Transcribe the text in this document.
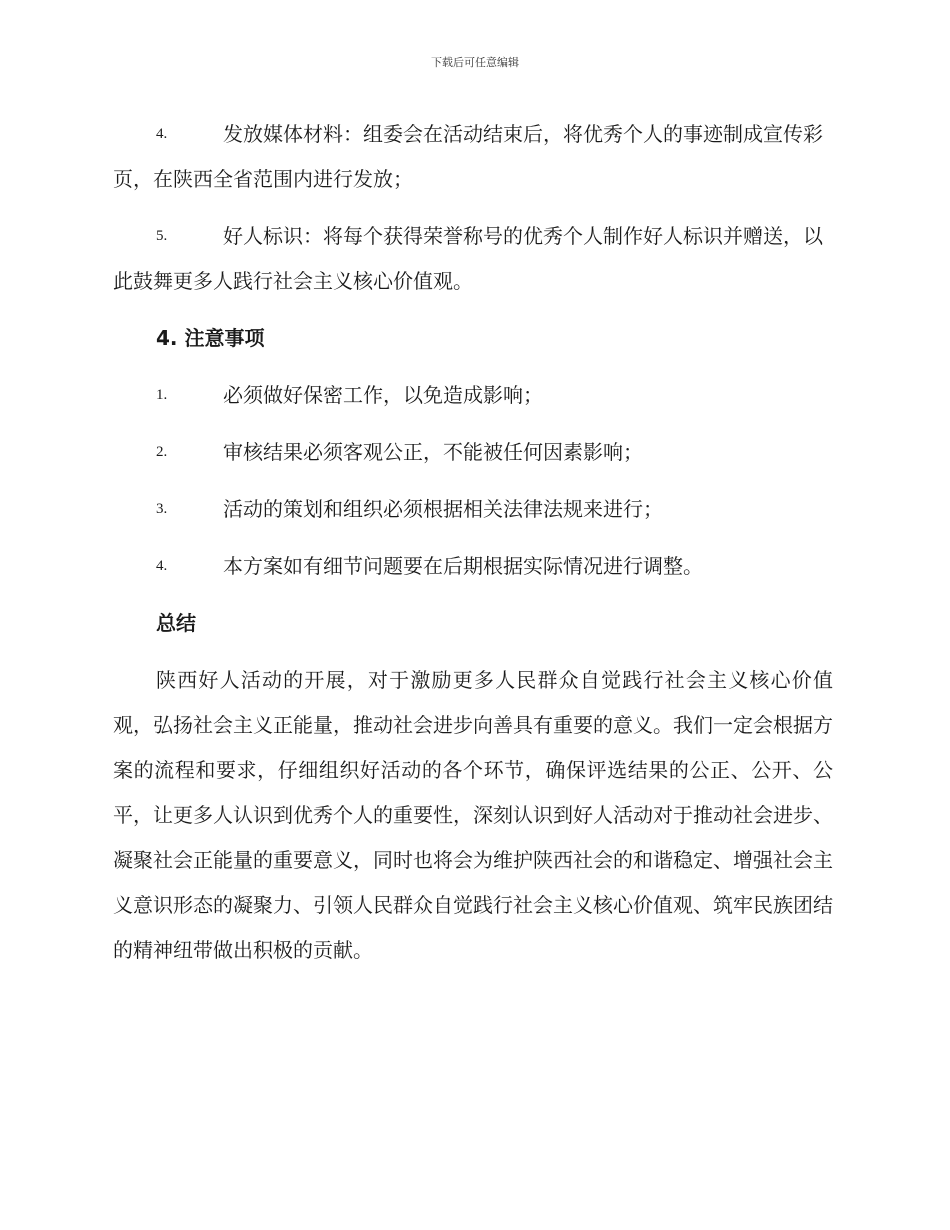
下载后可任意编辑
4.	发放媒体材料：组委会在活动结束后，将优秀个人的事迹制成宣传彩页，在陕西全省范围内进行发放；
5.	好人标识：将每个获得荣誉称号的优秀个人制作好人标识并赠送，以此鼓舞更多人践行社会主义核心价值观。
4. 注意事项
1.	必须做好保密工作，以免造成影响；
2.	审核结果必须客观公正，不能被任何因素影响；
3.	活动的策划和组织必须根据相关法律法规来进行；
4.	本方案如有细节问题要在后期根据实际情况进行调整。
总结
陕西好人活动的开展，对于激励更多人民群众自觉践行社会主义核心价值观，弘扬社会主义正能量，推动社会进步向善具有重要的意义。我们一定会根据方案的流程和要求，仔细组织好活动的各个环节，确保评选结果的公正、公开、公平，让更多人认识到优秀个人的重要性，深刻认识到好人活动对于推动社会进步、凝聚社会正能量的重要意义，同时也将会为维护陕西社会的和谐稳定、增强社会主义意识形态的凝聚力、引领人民群众自觉践行社会主义核心价值观、筑牢民族团结的精神纽带做出积极的贡献。
